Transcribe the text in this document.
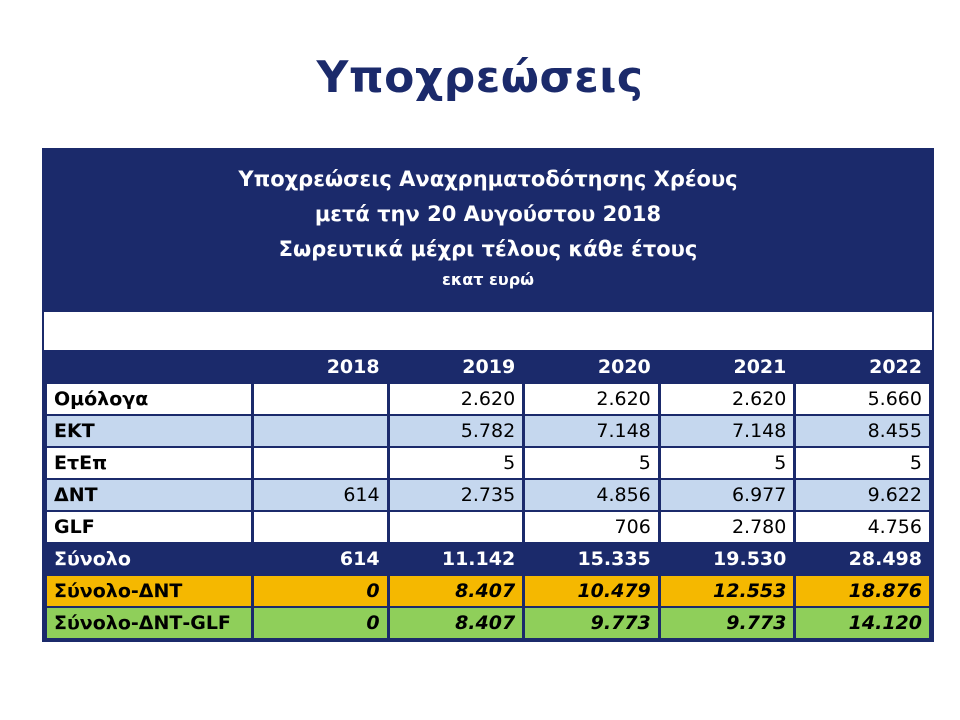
Υποχρεώσεις
Υποχρεώσεις Αναχρηματοδότησης Χρέους
μετά την 20 Αυγούστου 2018
Σωρευτικά μέχρι τέλους κάθε έτους
εκατ ευρώ
	2018	2019	2020	2021	2022
Ομόλογα		2.620	2.620	2.620	5.660
ΕΚΤ		5.782	7.148	7.148	8.455
ΕτΕπ		5	5	5	5
ΔΝΤ	614	2.735	4.856	6.977	9.622
GLF			706	2.780	4.756
Σύνολο	614	11.142	15.335	19.530	28.498
Σύνολο-ΔΝΤ	0	8.407	10.479	12.553	18.876
Σύνολο-ΔΝΤ-GLF	0	8.407	9.773	9.773	14.120
